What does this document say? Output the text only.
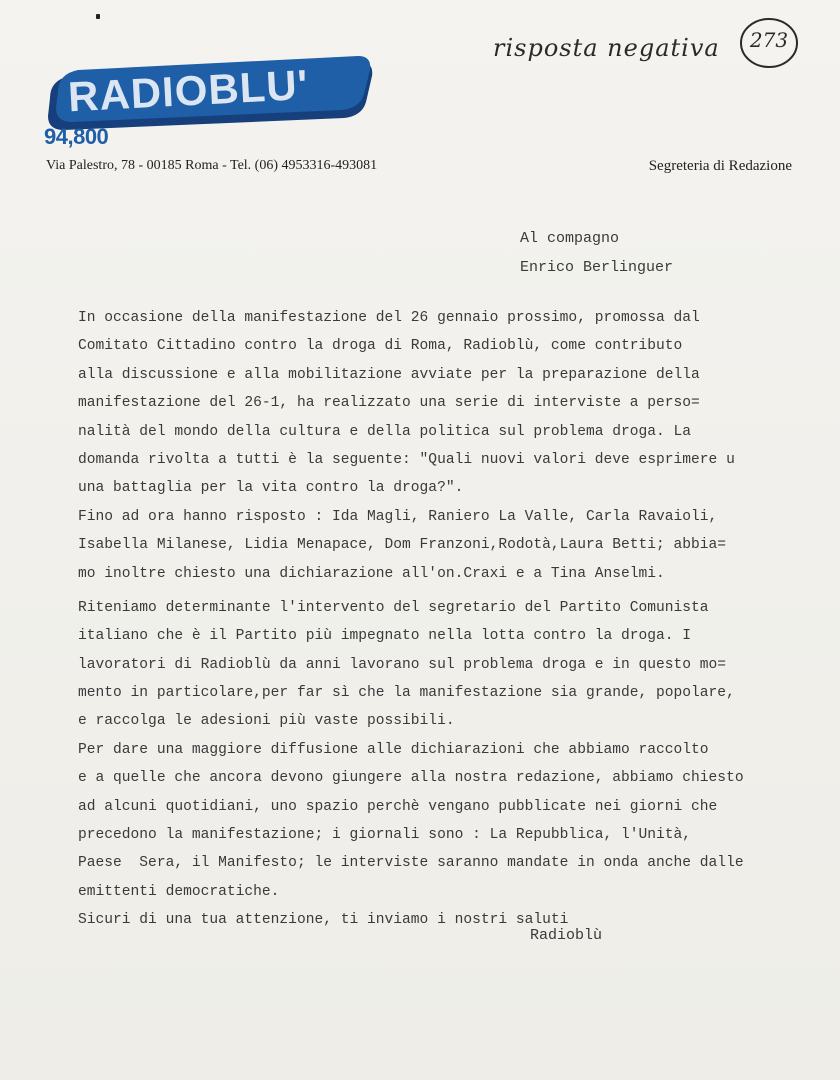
RADIOBLU'
94,800
Via Palestro, 78 - 00185 Roma - Tel. (06) 4953316-493081	Segreteria di Redazione
risposta negativa	273
Al compagno
Enrico Berlinguer
In occasione della manifestazione del 26 gennaio prossimo, promossa dal
Comitato Cittadino contro la droga di Roma, Radioblù, come contributo
alla discussione e alla mobilitazione avviate per la preparazione della
manifestazione del 26-1, ha realizzato una serie di interviste a perso=
nalità del mondo della cultura e della politica sul problema droga. La
domanda rivolta a tutti è la seguente: "Quali nuovi valori deve esprimere u
una battaglia per la vita contro la droga?".
Fino ad ora hanno risposto : Ida Magli, Raniero La Valle, Carla Ravaioli,
Isabella Milanese, Lidia Menapace, Dom Franzoni,Rodotà,Laura Betti; abbia=
mo inoltre chiesto una dichiarazione all'on.Craxi e a Tina Anselmi.
Riteniamo determinante l'intervento del segretario del Partito Comunista
italiano che è il Partito più impegnato nella lotta contro la droga. I
lavoratori di Radioblù da anni lavorano sul problema droga e in questo mo=
mento in particolare,per far sì che la manifestazione sia grande, popolare,
e raccolga le adesioni più vaste possibili.
Per dare una maggiore diffusione alle dichiarazioni che abbiamo raccolto
e a quelle che ancora devono giungere alla nostra redazione, abbiamo chiesto
ad alcuni quotidiani, uno spazio perchè vengano pubblicate nei giorni che
precedono la manifestazione; i giornali sono : La Repubblica, l'Unità,
Paese  Sera, il Manifesto; le interviste saranno mandate in onda anche dalle
emittenti democratiche.
Sicuri di una tua attenzione, ti inviamo i nostri saluti
Radioblù
